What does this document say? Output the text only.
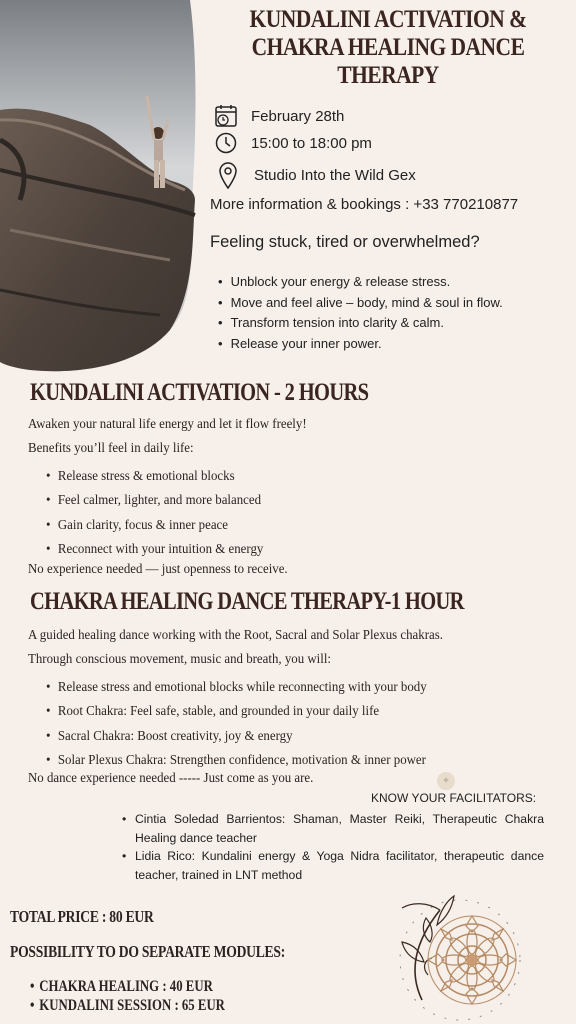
KUNDALINI ACTIVATION &
CHAKRA HEALING DANCE
THERAPY
February 28th
15:00 to 18:00 pm
Studio Into the Wild Gex
More information & bookings : +33 770210877
Feeling stuck, tired or overwhelmed?
• Unblock your energy & release stress.
• Move and feel alive – body, mind & soul in flow.
• Transform tension into clarity & calm.
• Release your inner power.
KUNDALINI ACTIVATION - 2 HOURS
Awaken your natural life energy and let it flow freely!
Benefits you’ll feel in daily life:
• Release stress & emotional blocks
• Feel calmer, lighter, and more balanced
• Gain clarity, focus & inner peace
• Reconnect with your intuition & energy
No experience needed — just openness to receive.
CHAKRA HEALING DANCE THERAPY-1 HOUR
A guided healing dance working with the Root, Sacral and Solar Plexus chakras.
Through conscious movement, music and breath, you will:
• Release stress and emotional blocks while reconnecting with your body
• Root Chakra: Feel safe, stable, and grounded in your daily life
• Sacral Chakra: Boost creativity, joy & energy
• Solar Plexus Chakra: Strengthen confidence, motivation & inner power
No dance experience needed ----- Just come as you are.	✧
KNOW YOUR FACILITATORS:
• Cintia Soledad Barrientos: Shaman, Master Reiki, Therapeutic Chakra Healing dance teacher
• Lidia Rico: Kundalini energy & Yoga Nidra facilitator, therapeutic dance teacher, trained in LNT method
TOTAL PRICE : 80 EUR
POSSIBILITY TO DO SEPARATE MODULES:
• CHAKRA HEALING : 40 EUR
• KUNDALINI SESSION : 65 EUR
